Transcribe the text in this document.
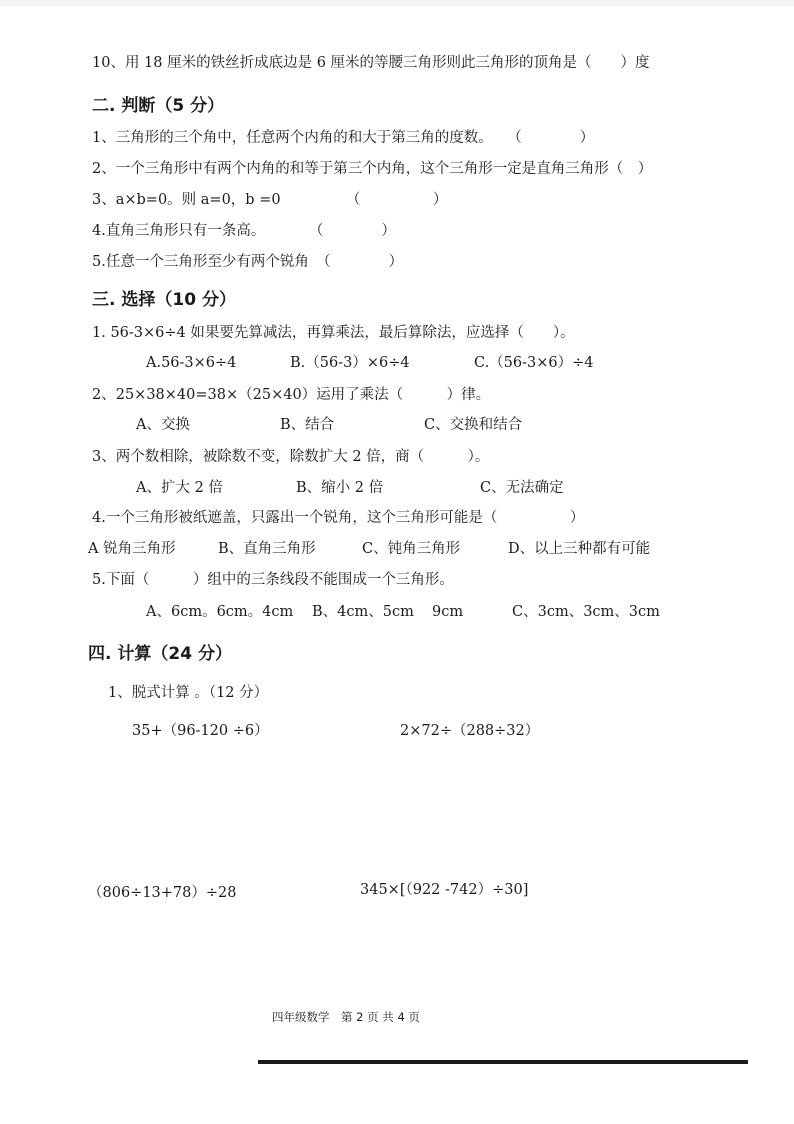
10、用 18 厘米的铁丝折成底边是 6 厘米的等腰三角形则此三角形的顶角是（　　）度
二. 判断（5 分）
1、三角形的三个角中，任意两个内角的和大于第三角的度数。　　（　　　　）
2、一个三角形中有两个内角的和等于第三个内角，这个三角形一定是直角三角形（　）
3、a×b=0。则 a=0，b =0　　　　　（　　　　　）
4.直角三角形只有一条高。　　　　（　　　　）
5.任意一个三角形至少有两个锐角　（　　　　）
三. 选择（10 分）
1. 56-3×6÷4 如果要先算减法，再算乘法，最后算除法，应选择（　　）。
A.56-3×6÷4	B.（56-3）×6÷4	C.（56-3×6）÷4
2、25×38×40=38×（25×40）运用了乘法（　　　）律。
A、交换	B、结合	C、交换和结合
3、两个数相除，被除数不变，除数扩大 2 倍，商（　　　）。
A、扩大 2 倍	B、缩小 2 倍	C、无法确定
4.一个三角形被纸遮盖，只露出一个锐角，这个三角形可能是（　　　　　）
A 锐角三角形	B、直角三角形	C、钝角三角形	D、以上三种都有可能
5.下面（　　　）组中的三条线段不能围成一个三角形。
A、6cm。6cm。4cm B、4cm、5cm 9cm	C、3cm、3cm、3cm
四. 计算（24 分）
1、脱式计算 。（12 分）
35+（96-120 ÷6）	2×72÷（288÷32）
（806÷13+78）÷28	345×[（922 -742）÷30]
四年级数学　第 2 页 共 4 页
